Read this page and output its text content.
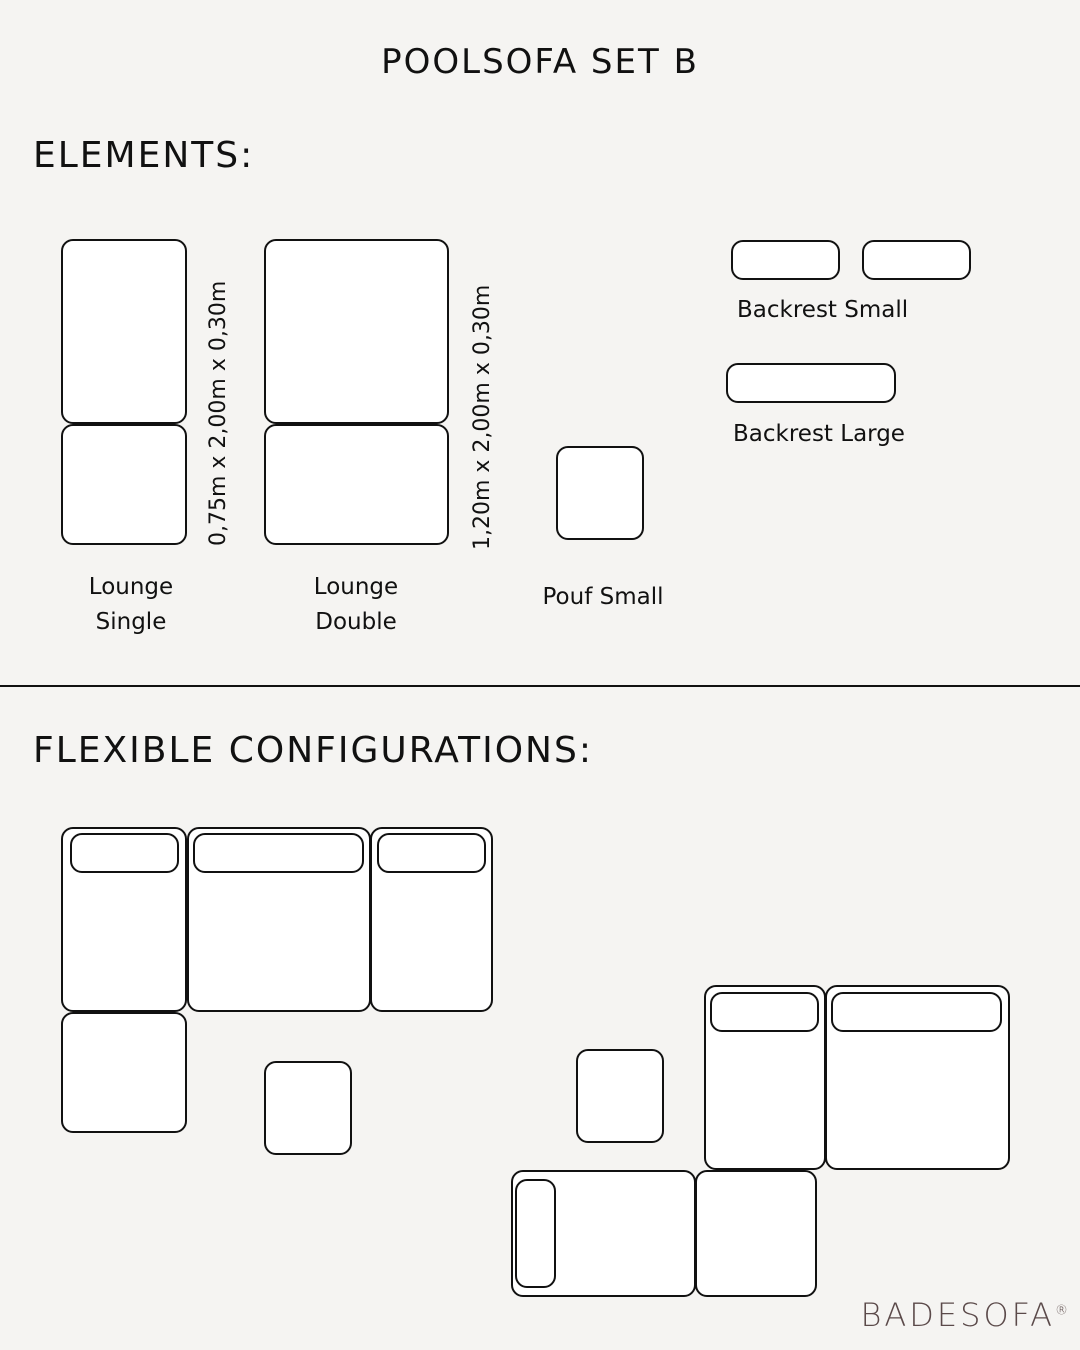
POOLSOFA SET B
ELEMENTS:
0,75m x 2,00m x 0,30m
Lounge
Single
1,20m x 2,00m x 0,30m
Lounge
Double
Pouf Small
Backrest Small
Backrest Large
FLEXIBLE CONFIGURATIONS:
BADESOFA®
